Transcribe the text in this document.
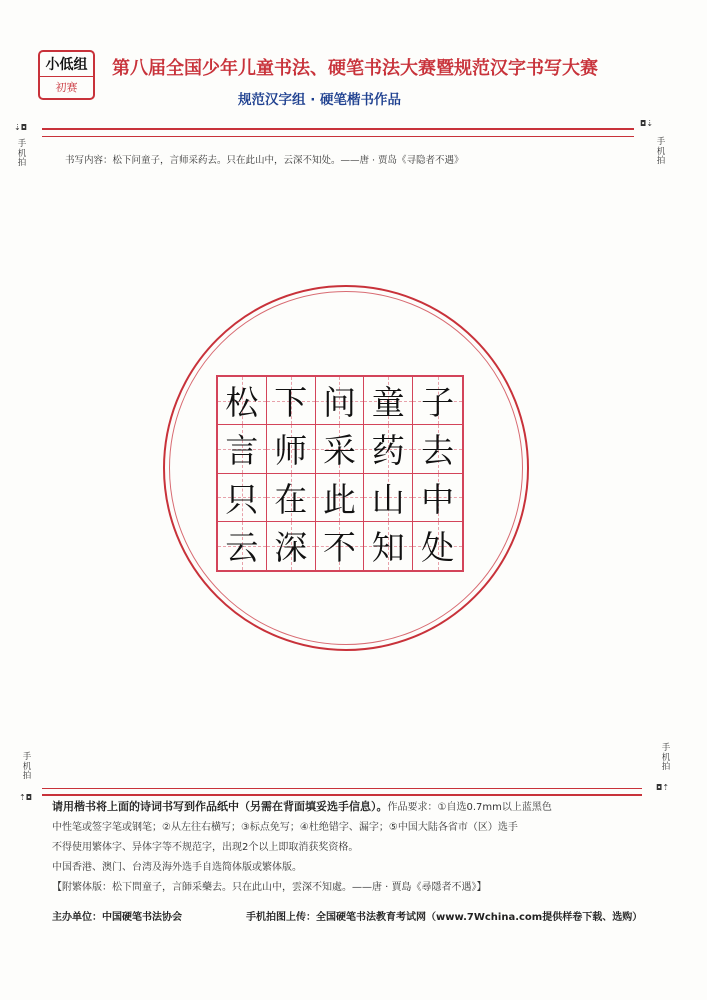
小低组
初赛
第八届全国少年儿童书法、硬笔书法大赛暨规范汉字书写大赛
规范汉字组 · 硬笔楷书作品
⇣◘	◘⇣
手机拍
手机拍
书写内容：松下问童子，言师采药去。只在此山中，云深不知处。——唐 · 贾岛《寻隐者不遇》
松 下 问 童 子
言 师 采 药 去
只 在 此 山 中
云 深 不 知 处
手机拍
手机拍
⇡◘
◘⇡
请用楷书将上面的诗词书写到作品纸中（另需在背面填妥选手信息）。作品要求：①自选0.7mm以上蓝黑色
中性笔或签字笔或钢笔；②从左往右横写；③标点免写；④杜绝错字、漏字；⑤中国大陆各省市（区）选手
不得使用繁体字、异体字等不规范字，出现2个以上即取消获奖资格。
中国香港、澳门、台湾及海外选手自选简体版或繁体版。
【附繁体版：松下問童子，言師采藥去。只在此山中，雲深不知處。——唐 · 賈島《尋隱者不遇》】
主办单位：中国硬笔书法协会	手机拍图上传：全国硬笔书法教育考试网（www.7Wchina.com提供样卷下载、选购）
